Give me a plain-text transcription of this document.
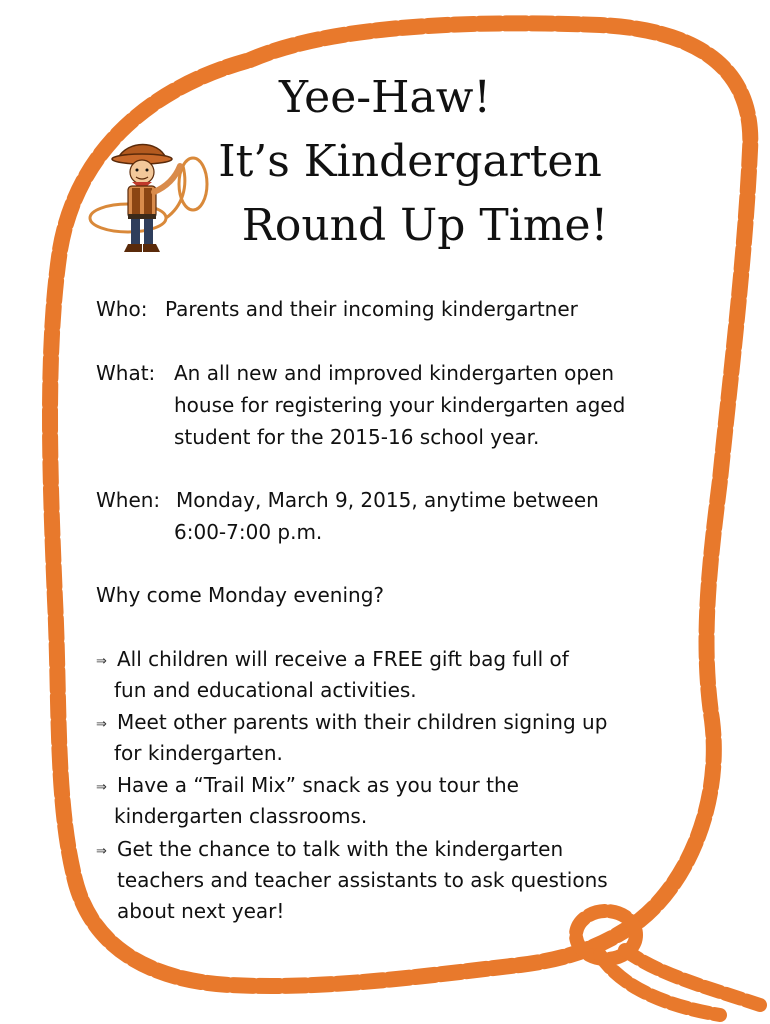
Yee-Haw!
It’s Kindergarten
Round Up Time!
Who: Parents and their incoming kindergartner
What: An all new and improved kindergarten open
house for registering your kindergarten aged
student for the 2015-16 school year.
When: Monday, March 9, 2015, anytime between
6:00-7:00 p.m.
Why come Monday evening?
⇒ All children will receive a FREE gift bag full of
fun and educational activities.
⇒ Meet other parents with their children signing up
for kindergarten.
⇒ Have a “Trail Mix” snack as you tour the
kindergarten classrooms.
⇒ Get the chance to talk with the kindergarten
teachers and teacher assistants to ask questions
about next year!
